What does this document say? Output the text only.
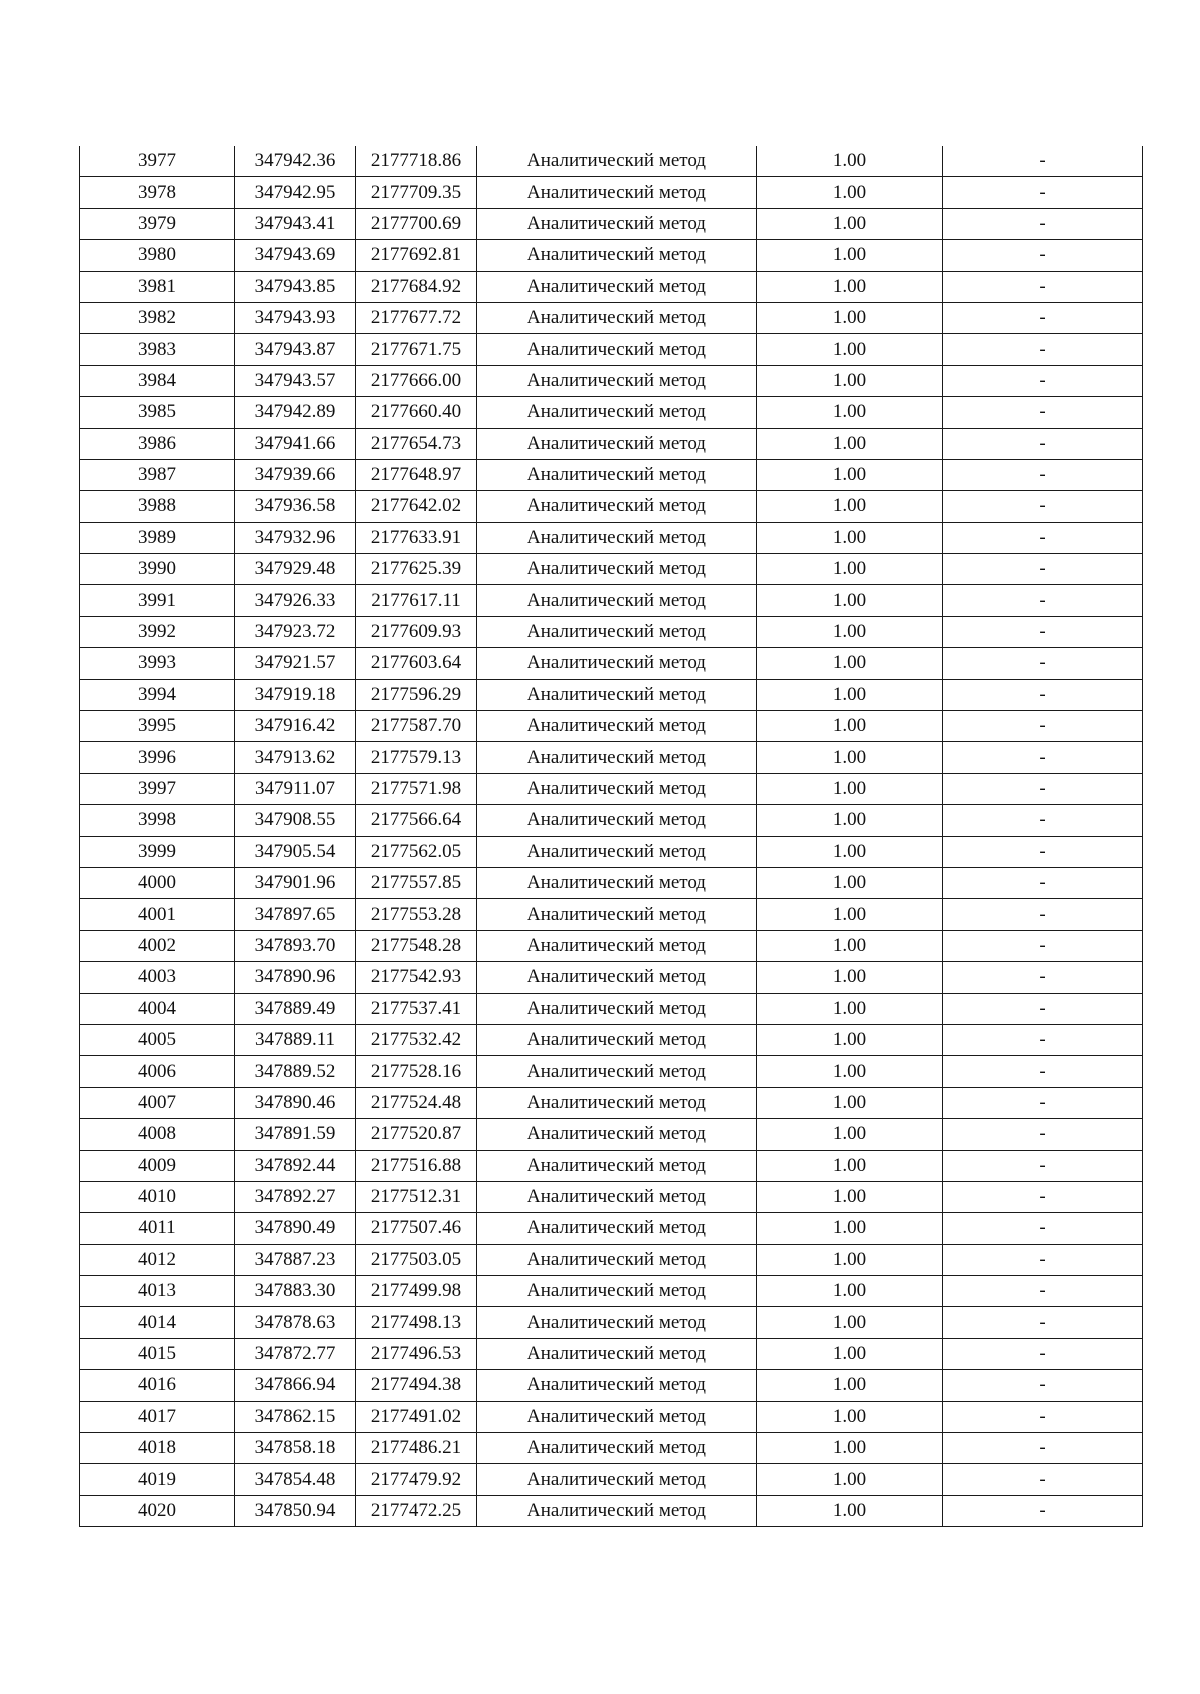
3977	347942.36	2177718.86	Аналитический метод	1.00	-
3978	347942.95	2177709.35	Аналитический метод	1.00	-
3979	347943.41	2177700.69	Аналитический метод	1.00	-
3980	347943.69	2177692.81	Аналитический метод	1.00	-
3981	347943.85	2177684.92	Аналитический метод	1.00	-
3982	347943.93	2177677.72	Аналитический метод	1.00	-
3983	347943.87	2177671.75	Аналитический метод	1.00	-
3984	347943.57	2177666.00	Аналитический метод	1.00	-
3985	347942.89	2177660.40	Аналитический метод	1.00	-
3986	347941.66	2177654.73	Аналитический метод	1.00	-
3987	347939.66	2177648.97	Аналитический метод	1.00	-
3988	347936.58	2177642.02	Аналитический метод	1.00	-
3989	347932.96	2177633.91	Аналитический метод	1.00	-
3990	347929.48	2177625.39	Аналитический метод	1.00	-
3991	347926.33	2177617.11	Аналитический метод	1.00	-
3992	347923.72	2177609.93	Аналитический метод	1.00	-
3993	347921.57	2177603.64	Аналитический метод	1.00	-
3994	347919.18	2177596.29	Аналитический метод	1.00	-
3995	347916.42	2177587.70	Аналитический метод	1.00	-
3996	347913.62	2177579.13	Аналитический метод	1.00	-
3997	347911.07	2177571.98	Аналитический метод	1.00	-
3998	347908.55	2177566.64	Аналитический метод	1.00	-
3999	347905.54	2177562.05	Аналитический метод	1.00	-
4000	347901.96	2177557.85	Аналитический метод	1.00	-
4001	347897.65	2177553.28	Аналитический метод	1.00	-
4002	347893.70	2177548.28	Аналитический метод	1.00	-
4003	347890.96	2177542.93	Аналитический метод	1.00	-
4004	347889.49	2177537.41	Аналитический метод	1.00	-
4005	347889.11	2177532.42	Аналитический метод	1.00	-
4006	347889.52	2177528.16	Аналитический метод	1.00	-
4007	347890.46	2177524.48	Аналитический метод	1.00	-
4008	347891.59	2177520.87	Аналитический метод	1.00	-
4009	347892.44	2177516.88	Аналитический метод	1.00	-
4010	347892.27	2177512.31	Аналитический метод	1.00	-
4011	347890.49	2177507.46	Аналитический метод	1.00	-
4012	347887.23	2177503.05	Аналитический метод	1.00	-
4013	347883.30	2177499.98	Аналитический метод	1.00	-
4014	347878.63	2177498.13	Аналитический метод	1.00	-
4015	347872.77	2177496.53	Аналитический метод	1.00	-
4016	347866.94	2177494.38	Аналитический метод	1.00	-
4017	347862.15	2177491.02	Аналитический метод	1.00	-
4018	347858.18	2177486.21	Аналитический метод	1.00	-
4019	347854.48	2177479.92	Аналитический метод	1.00	-
4020	347850.94	2177472.25	Аналитический метод	1.00	-
